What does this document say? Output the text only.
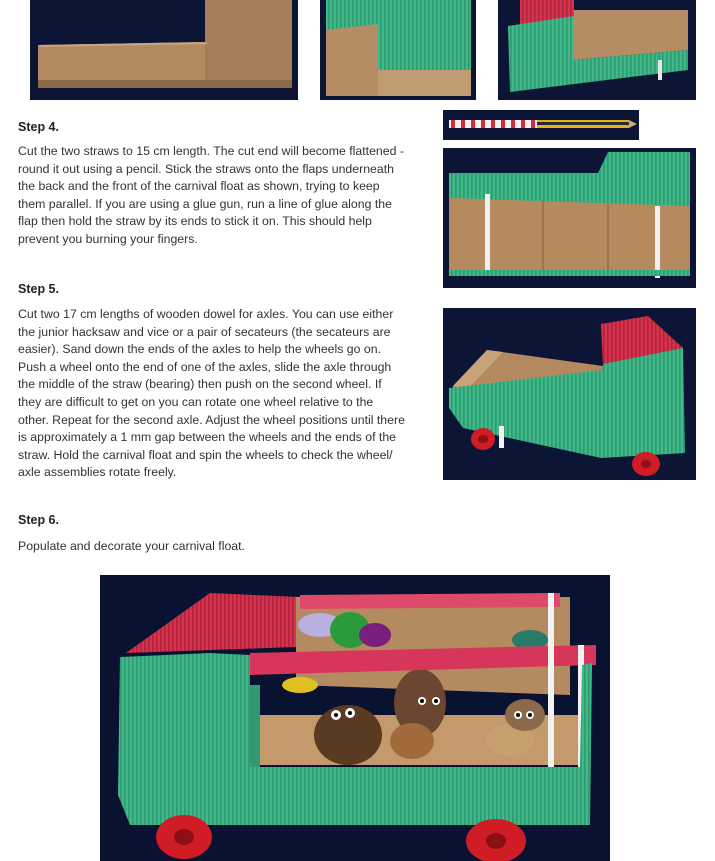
Step 4.
Cut the two straws to 15 cm length. The cut end will become flattened -
round it out using a pencil. Stick the straws onto the flaps underneath
the back and the front of the carnival float as shown, trying to keep
them parallel. If you are using a glue gun, run a line of glue along the
flap then hold the straw by its ends to stick it on. This should help
prevent you burning your fingers.
Step 5.
Cut two 17 cm lengths of wooden dowel for axles. You can use either
the junior hacksaw and vice or a pair of secateurs (the secateurs are
easier). Sand down the ends of the axles to help the wheels go on.
Push a wheel onto the end of one of the axles, slide the axle through
the middle of the straw (bearing) then push on the second wheel. If
they are difficult to get on you can rotate one wheel relative to the
other. Repeat for the second axle. Adjust the wheel positions until there
is approximately a 1 mm gap between the wheels and the ends of the
straw. Hold the carnival float and spin the wheels to check the wheel/
axle assemblies rotate freely.
Step 6.
Populate and decorate your carnival float.
